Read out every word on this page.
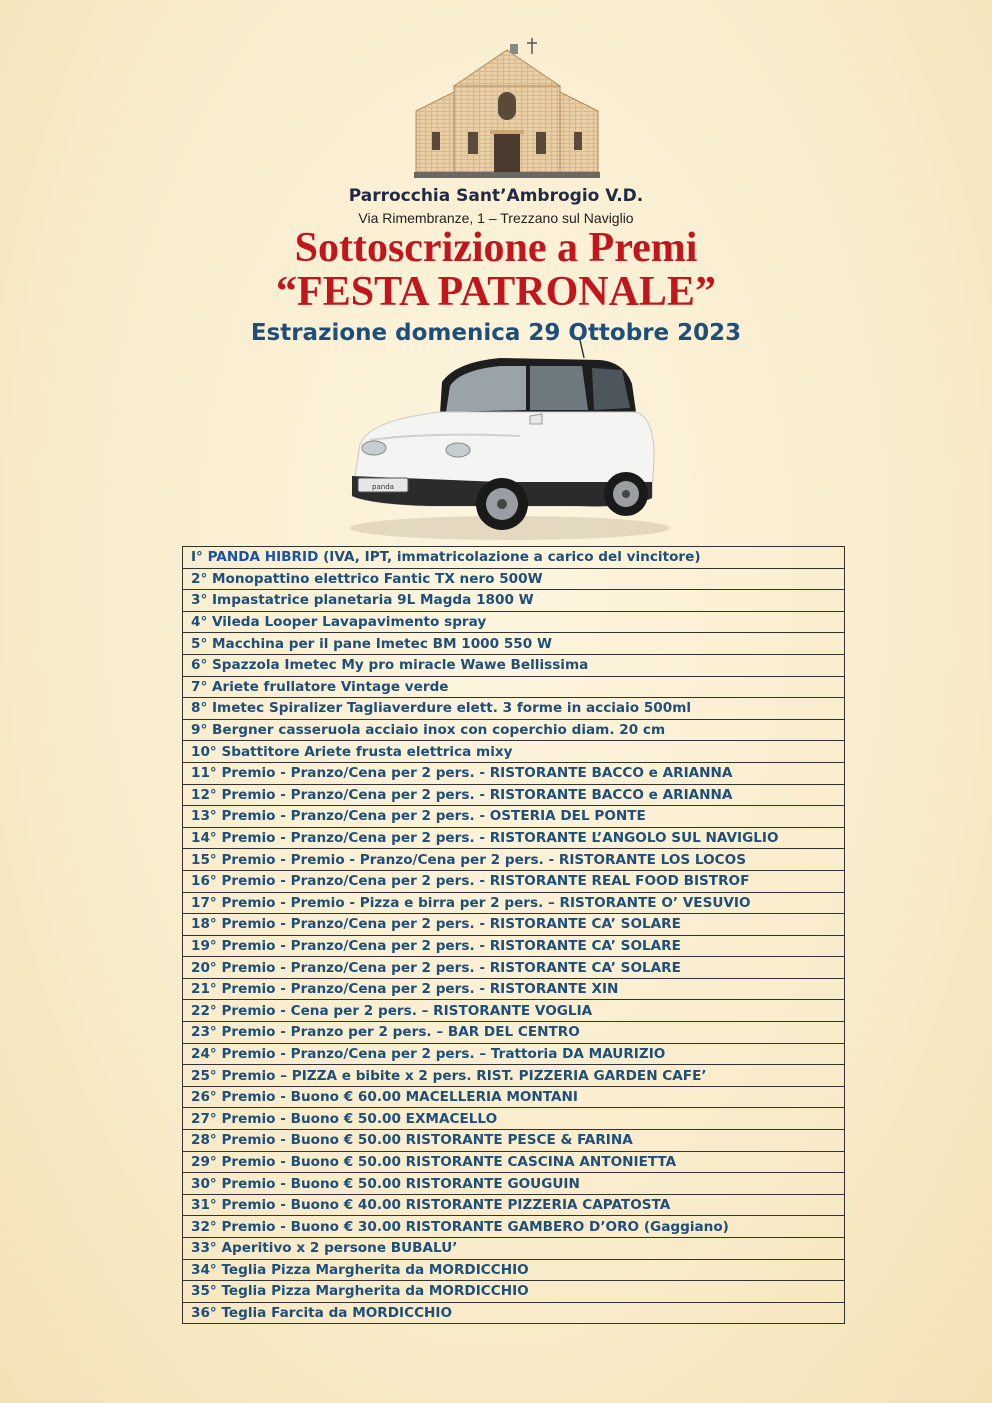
Parrocchia Sant’Ambrogio V.D.
Via Rimembranze, 1 – Trezzano sul Naviglio
Sottoscrizione a Premi
“FESTA PATRONALE”
Estrazione domenica 29 Ottobre 2023
panda
I° PANDA HIBRID (IVA, IPT, immatricolazione a carico del vincitore)
2° Monopattino elettrico Fantic TX nero 500W
3° Impastatrice planetaria 9L Magda 1800 W
4° Vileda Looper Lavapavimento spray
5° Macchina per il pane Imetec BM 1000 550 W
6° Spazzola Imetec My pro miracle Wawe Bellissima
7° Ariete frullatore Vintage verde
8° Imetec Spiralizer Tagliaverdure elett. 3 forme in acciaio 500ml
9° Bergner casseruola acciaio inox con coperchio diam. 20 cm
10° Sbattitore Ariete frusta elettrica mixy
11° Premio - Pranzo/Cena per 2 pers. - RISTORANTE BACCO e ARIANNA
12° Premio - Pranzo/Cena per 2 pers. - RISTORANTE BACCO e ARIANNA
13° Premio - Pranzo/Cena per 2 pers. - OSTERIA DEL PONTE
14° Premio - Pranzo/Cena per 2 pers. - RISTORANTE L’ANGOLO SUL NAVIGLIO
15° Premio - Premio - Pranzo/Cena per 2 pers. - RISTORANTE LOS LOCOS
16° Premio - Pranzo/Cena per 2 pers. - RISTORANTE REAL FOOD BISTROF
17° Premio - Premio - Pizza e birra per 2 pers. – RISTORANTE O’ VESUVIO
18° Premio - Pranzo/Cena per 2 pers. - RISTORANTE CA’ SOLARE
19° Premio - Pranzo/Cena per 2 pers. - RISTORANTE CA’ SOLARE
20° Premio - Pranzo/Cena per 2 pers. - RISTORANTE CA’ SOLARE
21° Premio - Pranzo/Cena per 2 pers. - RISTORANTE XIN
22° Premio - Cena per 2 pers. – RISTORANTE VOGLIA
23° Premio - Pranzo per 2 pers. – BAR DEL CENTRO
24° Premio - Pranzo/Cena per 2 pers. – Trattoria DA MAURIZIO
25° Premio – PIZZA e bibite x 2 pers. RIST. PIZZERIA GARDEN CAFE’
26° Premio - Buono € 60.00 MACELLERIA MONTANI
27° Premio - Buono € 50.00 EXMACELLO
28° Premio - Buono € 50.00 RISTORANTE PESCE & FARINA
29° Premio - Buono € 50.00 RISTORANTE CASCINA ANTONIETTA
30° Premio - Buono € 50.00 RISTORANTE GOUGUIN
31° Premio - Buono € 40.00 RISTORANTE PIZZERIA CAPATOSTA
32° Premio - Buono € 30.00 RISTORANTE GAMBERO D’ORO (Gaggiano)
33° Aperitivo x 2 persone BUBALU’
34° Teglia Pizza Margherita da MORDICCHIO
35° Teglia Pizza Margherita da MORDICCHIO
36° Teglia Farcita da MORDICCHIO
